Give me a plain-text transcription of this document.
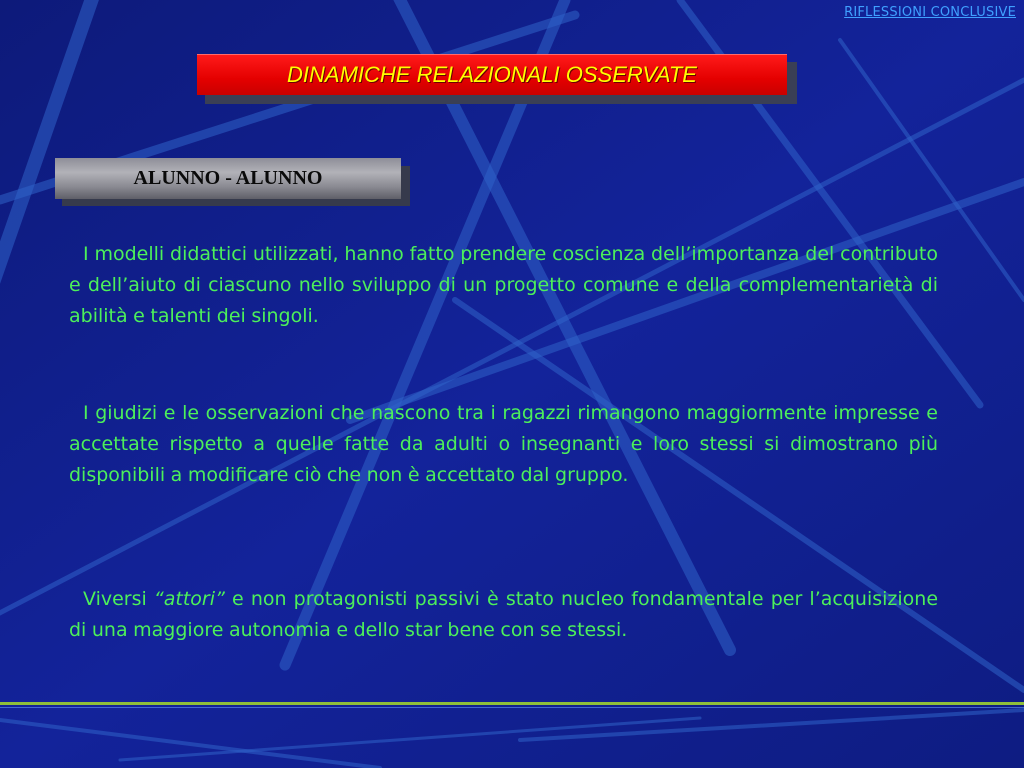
RIFLESSIONI CONCLUSIVE
DINAMICHE RELAZIONALI OSSERVATE
ALUNNO - ALUNNO
I modelli didattici utilizzati, hanno fatto prendere coscienza dell’importanza del contributo e dell’aiuto di ciascuno nello sviluppo di un progetto comune e della complementarietà di abilità e talenti dei singoli.
I giudizi e le osservazioni che nascono tra i ragazzi rimangono maggiormente impresse e accettate rispetto a quelle fatte da adulti o insegnanti e loro stessi si dimostrano più disponibili a modificare ciò che non è accettato dal gruppo.
Viversi “attori” e non protagonisti passivi è stato nucleo fondamentale per l’acquisizione di una maggiore autonomia e dello star bene con se stessi.
